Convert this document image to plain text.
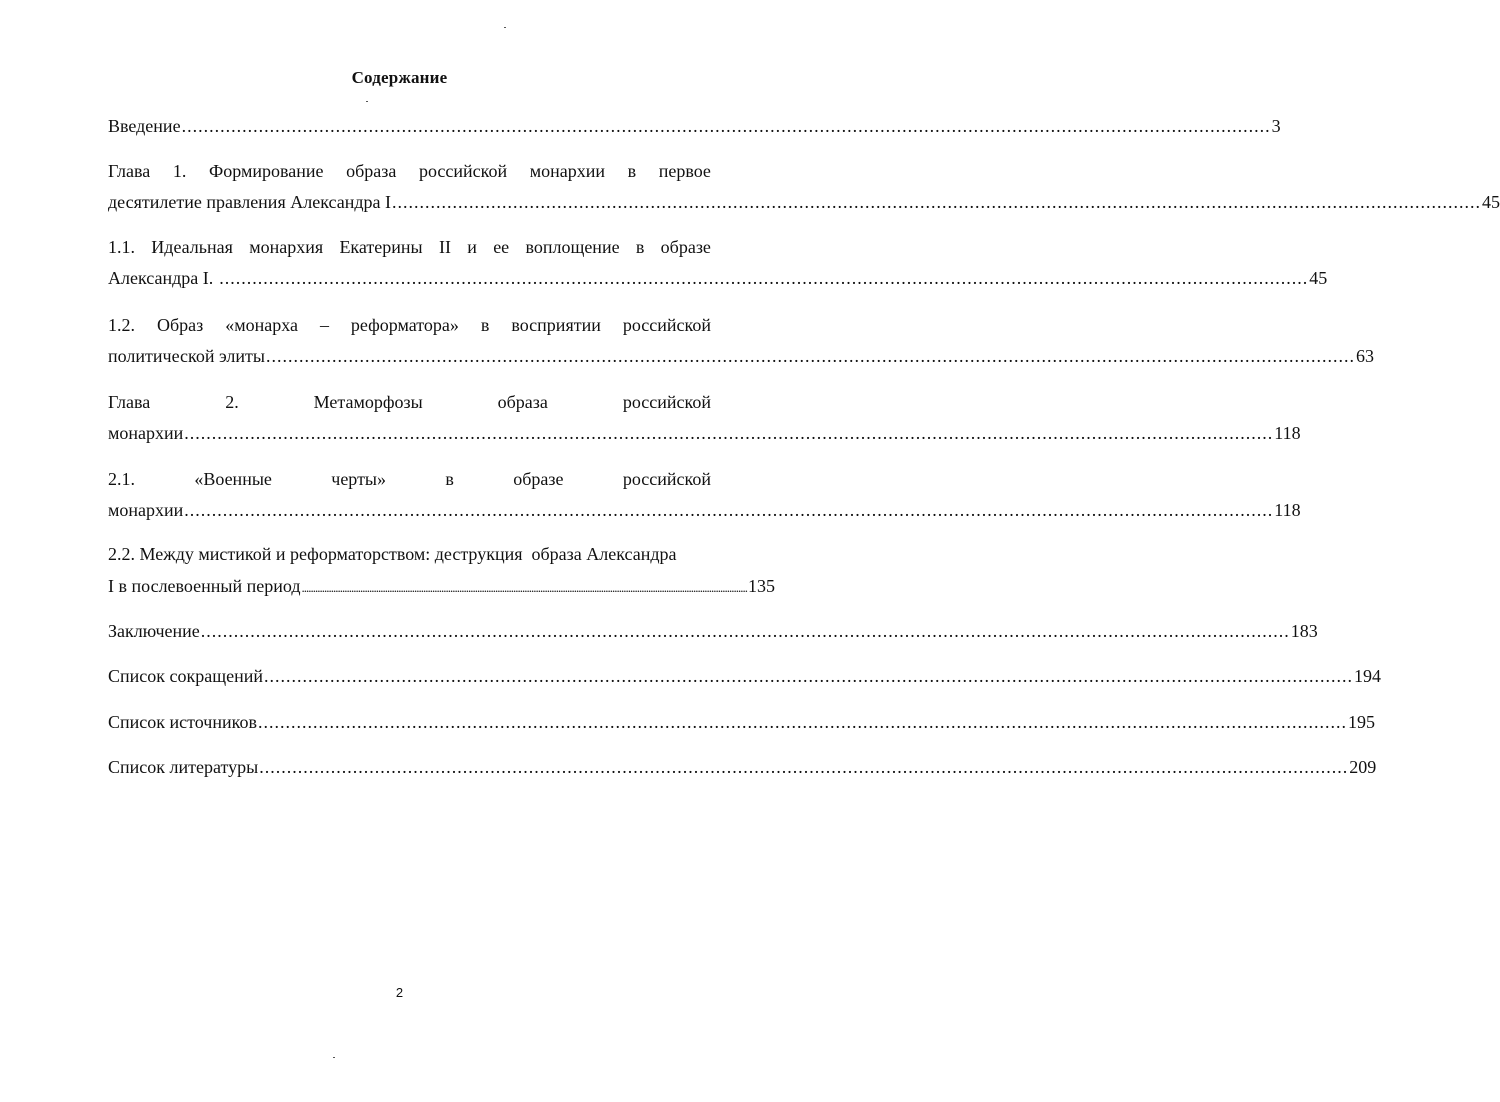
Содержание
Введение ...................................................................................................................................................................................................... 3
Глава 1. Формирование образа российской монархии в первое
десятилетие правления Александра I ...................................................................................................................................................................................................... 45
1.1. Идеальная монархия Екатерины II и ее воплощение в образе
Александра I. ...................................................................................................................................................................................................... 45
1.2. Образ «монарха – реформатора» в восприятии российской
политической элиты ...................................................................................................................................................................................................... 63
Глава	2.	Метаморфозы	образа	российской
монархии ...................................................................................................................................................................................................... 118
2.1.	«Военные	черты»	в	образе	российской
монархии ...................................................................................................................................................................................................... 118
2.2. Между мистикой и реформаторством: деструкция  образа Александра
I в послевоенный период ...................................................................................................................................................................................................... 135
Заключение ...................................................................................................................................................................................................... 183
Список сокращений ...................................................................................................................................................................................................... 194
Список источников ...................................................................................................................................................................................................... 195
Список литературы ...................................................................................................................................................................................................... 209
2
